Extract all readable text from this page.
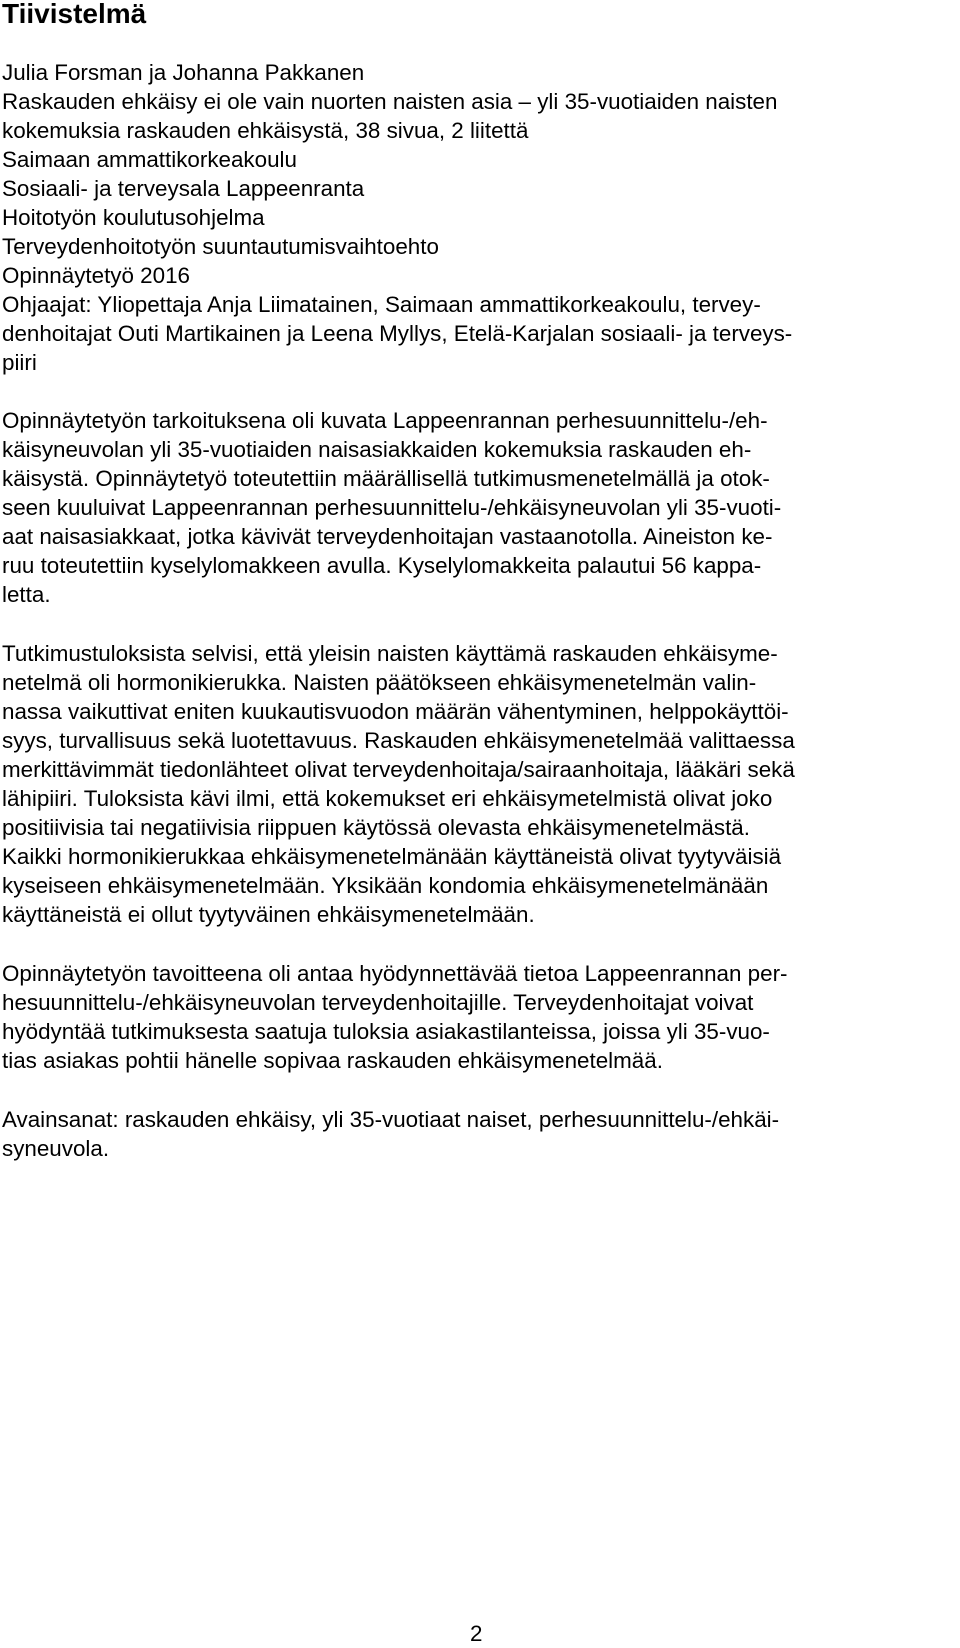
Tiivistelmä

Julia Forsman ja Johanna Pakkanen

Raskauden ehkäisy ei ole vain nuorten naisten asia – yli 35-vuotiaiden naisten

kokemuksia raskauden ehkäisystä, 38 sivua, 2 liitettä

Saimaan ammattikorkeakoulu

Sosiaali- ja terveysala Lappeenranta

Hoitotyön koulutusohjelma

Terveydenhoitotyön suuntautumisvaihtoehto

Opinnäytetyö 2016

Ohjaajat: Yliopettaja Anja Liimatainen, Saimaan ammattikorkeakoulu, tervey-

denhoitajat Outi Martikainen ja Leena Myllys, Etelä-Karjalan sosiaali- ja terveys-

piiri

Opinnäytetyön tarkoituksena oli kuvata Lappeenrannan perhesuunnittelu-/eh-

käisyneuvolan yli 35-vuotiaiden naisasiakkaiden kokemuksia raskauden eh-

käisystä. Opinnäytetyö toteutettiin määrällisellä tutkimusmenetelmällä ja otok-

seen kuuluivat Lappeenrannan perhesuunnittelu-/ehkäisyneuvolan yli 35-vuoti-

aat naisasiakkaat, jotka kävivät terveydenhoitajan vastaanotolla. Aineiston ke-

ruu toteutettiin kyselylomakkeen avulla. Kyselylomakkeita palautui 56 kappa-

letta.

Tutkimustuloksista selvisi, että yleisin naisten käyttämä raskauden ehkäisyme-

netelmä oli hormonikierukka. Naisten päätökseen ehkäisymenetelmän valin-

nassa vaikuttivat eniten kuukautisvuodon määrän vähentyminen, helppokäyttöi-

syys, turvallisuus sekä luotettavuus. Raskauden ehkäisymenetelmää valittaessa

merkittävimmät tiedonlähteet olivat terveydenhoitaja/sairaanhoitaja, lääkäri sekä

lähipiiri. Tuloksista kävi ilmi, että kokemukset eri ehkäisymetelmistä olivat joko

positiivisia tai negatiivisia riippuen käytössä olevasta ehkäisymenetelmästä.

Kaikki hormonikierukkaa ehkäisymenetelmänään käyttäneistä olivat tyytyväisiä

kyseiseen ehkäisymenetelmään. Yksikään kondomia ehkäisymenetelmänään

käyttäneistä ei ollut tyytyväinen ehkäisymenetelmään.

Opinnäytetyön tavoitteena oli antaa hyödynnettävää tietoa Lappeenrannan per-

hesuunnittelu-/ehkäisyneuvolan terveydenhoitajille. Terveydenhoitajat voivat

hyödyntää tutkimuksesta saatuja tuloksia asiakastilanteissa, joissa yli 35-vuo-

tias asiakas pohtii hänelle sopivaa raskauden ehkäisymenetelmää.

Avainsanat: raskauden ehkäisy, yli 35-vuotiaat naiset, perhesuunnittelu-/ehkäi-

syneuvola.

2
